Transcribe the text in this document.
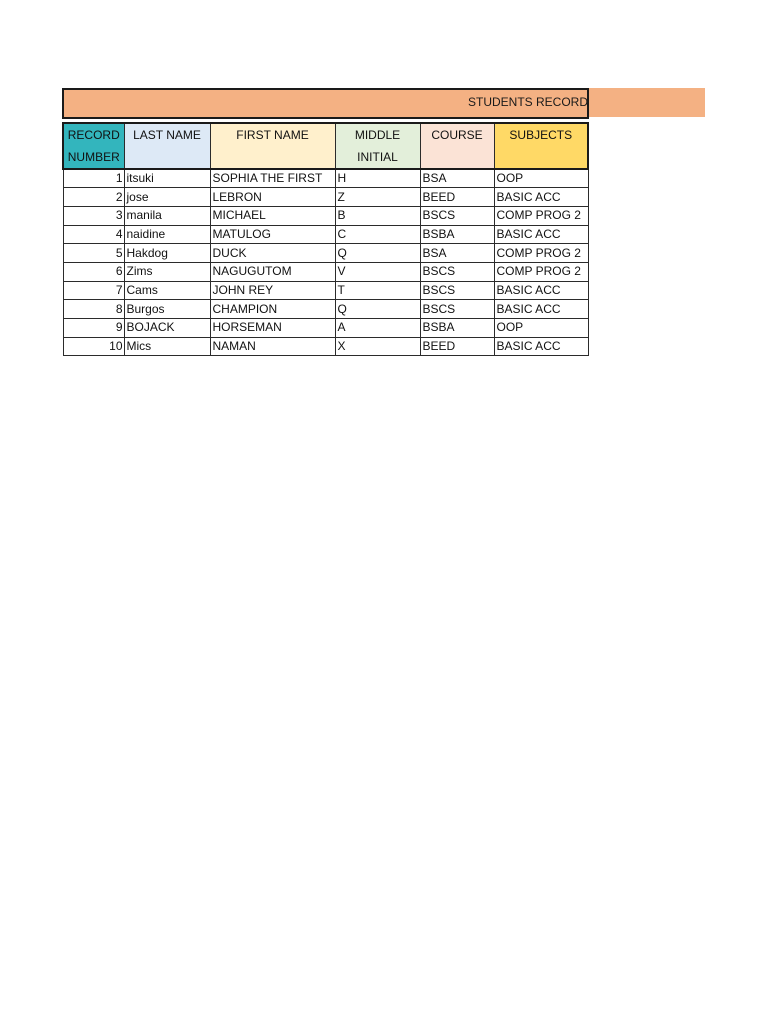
STUDENTS RECORD
RECORD NUMBER	LAST NAME	FIRST NAME	MIDDLE INITIAL	COURSE	SUBJECTS
1	itsuki	SOPHIA THE FIRST	H	BSA	OOP
2	jose	LEBRON	Z	BEED	BASIC ACC
3	manila	MICHAEL	B	BSCS	COMP PROG 2
4	naidine	MATULOG	C	BSBA	BASIC ACC
5	Hakdog	DUCK	Q	BSA	COMP PROG 2
6	Zims	NAGUGUTOM	V	BSCS	COMP PROG 2
7	Cams	JOHN REY	T	BSCS	BASIC ACC
8	Burgos	CHAMPION	Q	BSCS	BASIC ACC
9	BOJACK	HORSEMAN	A	BSBA	OOP
10	Mics	NAMAN	X	BEED	BASIC ACC
